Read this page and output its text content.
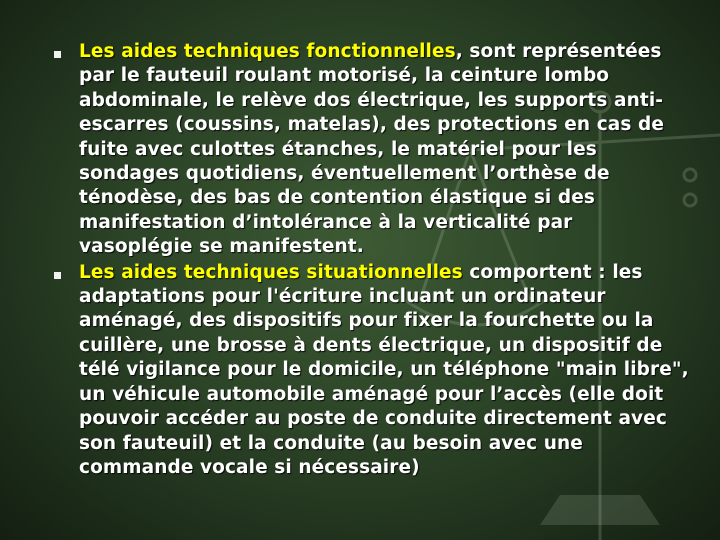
Les aides techniques fonctionnelles, sont représentées par le fauteuil roulant motorisé, la ceinture lombo abdominale, le relève dos électrique, les supports anti-escarres (coussins, matelas), des protections en cas de fuite avec culottes étanches, le matériel pour les sondages quotidiens, éventuellement l’orthèse de ténodèse, des bas de contention élastique si des manifestation d’intolérance à la verticalité par vasoplégie se manifestent.
Les aides techniques situationnelles comportent : les adaptations pour l'écriture incluant un ordinateur aménagé, des dispositifs pour fixer la fourchette ou la cuillère, une brosse à dents électrique, un dispositif de télé vigilance pour le domicile, un téléphone "main libre", un véhicule automobile aménagé pour l’accès (elle doit pouvoir accéder au poste de conduite directement avec son fauteuil) et la conduite (au besoin avec une commande vocale si nécessaire)
